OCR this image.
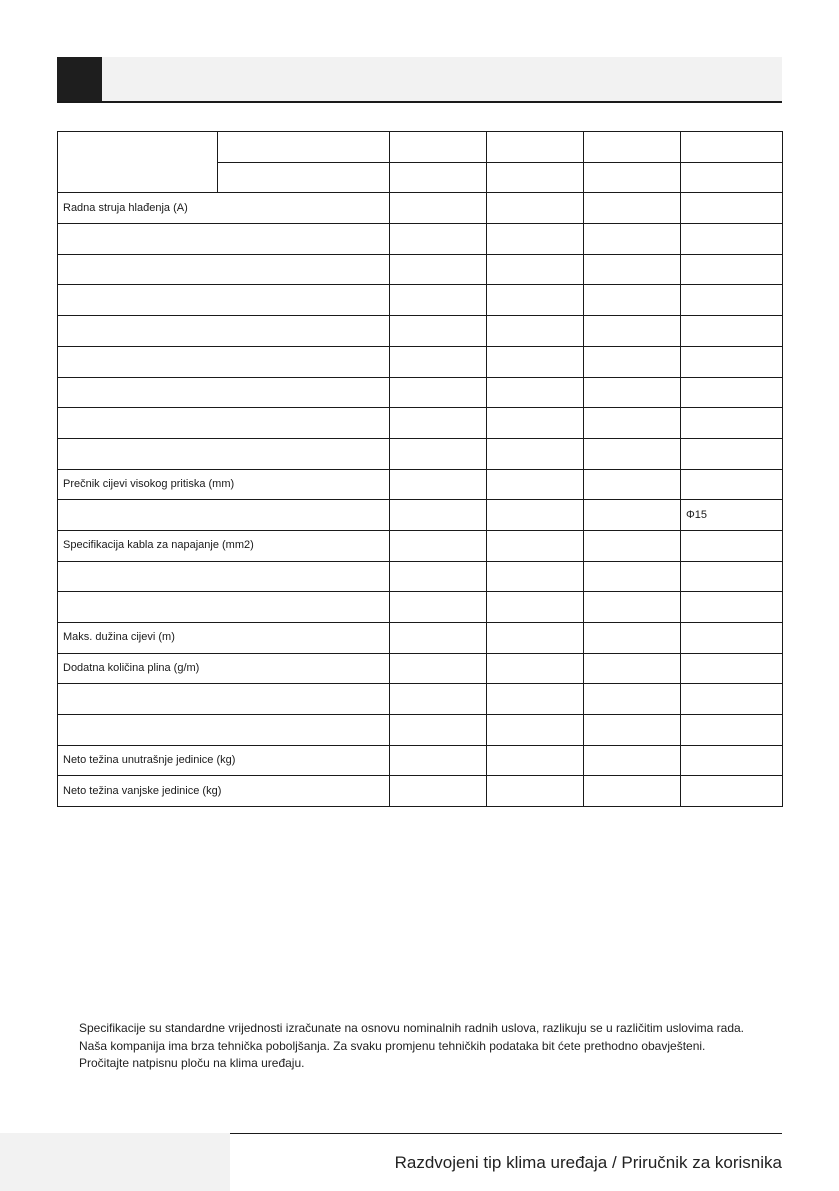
Radna struja hlađenja (A)					

Prečnik cijevi visokog pritiska (mm)					
					Φ15
Specifikacija kabla za napajanje (mm2)					

Maks. dužina cijevi (m)					
Dodatna količina plina (g/m)					

Neto težina unutrašnje jedinice (kg)					
Neto težina vanjske jedinice (kg)					

Specifikacije su standardne vrijednosti izračunate na osnovu nominalnih radnih uslova, razlikuju se u različitim uslovima rada.

Naša kompanija ima brza tehnička poboljšanja. Za svaku promjenu tehničkih podataka bit ćete prethodno obavješteni.

Pročitajte natpisnu ploču na klima uređaju.

Razdvojeni tip klima uređaja / Priručnik za korisnika
